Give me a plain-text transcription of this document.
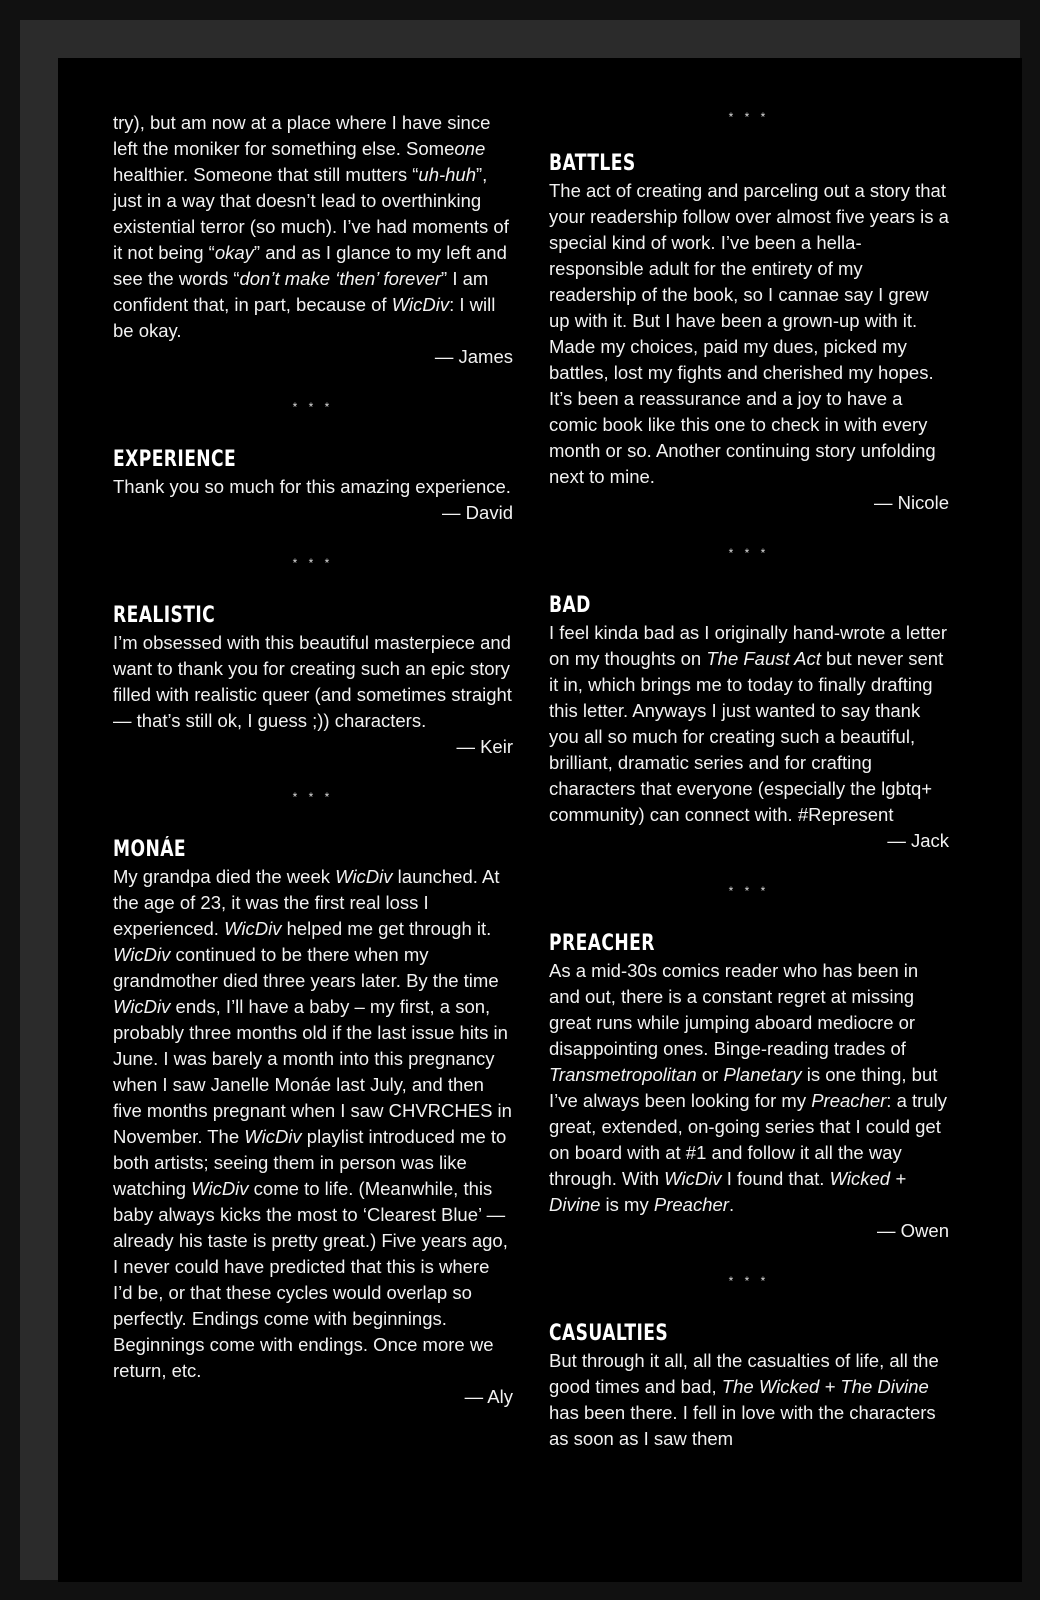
try), but am now at a place where I have since left the moniker for something else. Someone healthier. Someone that still mutters “uh-huh”, just in a way that doesn’t lead to overthinking existential terror (so much). I’ve had moments of it not being “okay” and as I glance to my left and see the words “don’t make ‘then’ forever” I am confident that, in part, because of WicDiv: I will be okay.

— James

* * *
EXPERIENCE

Thank you so much for this amazing experience.

— David

* * *
REALISTIC

I’m obsessed with this beautiful masterpiece and want to thank you for creating such an epic story filled with realistic queer (and sometimes straight — that’s still ok, I guess ;)) characters.

— Keir

* * *
MONÁE

My grandpa died the week WicDiv launched. At the age of 23, it was the first real loss I experienced. WicDiv helped me get through it. WicDiv continued to be there when my grandmother died three years later. By the time WicDiv ends, I’ll have a baby – my first, a son, probably three months old if the last issue hits in June. I was barely a month into this pregnancy when I saw Janelle Monáe last July, and then five months pregnant when I saw CHVRCHES in November. The WicDiv playlist introduced me to both artists; seeing them in person was like watching WicDiv come to life. (Meanwhile, this baby always kicks the most to ‘Clearest Blue’ — already his taste is pretty great.) Five years ago, I never could have predicted that this is where I’d be, or that these cycles would overlap so perfectly. Endings come with beginnings. Beginnings come with endings. Once more we return, etc.

— Aly

* * *
BATTLES

The act of creating and parceling out a story that your readership follow over almost five years is a special kind of work. I’ve been a hella-responsible adult for the entirety of my readership of the book, so I cannae say I grew up with it. But I have been a grown-up with it. Made my choices, paid my dues, picked my battles, lost my fights and cherished my hopes. It’s been a reassurance and a joy to have a comic book like this one to check in with every month or so. Another continuing story unfolding next to mine.

— Nicole

* * *
BAD

I feel kinda bad as I originally hand-wrote a letter on my thoughts on The Faust Act but never sent it in, which brings me to today to finally drafting this letter. Anyways I just wanted to say thank you all so much for creating such a beautiful, brilliant, dramatic series and for crafting characters that everyone (especially the lgbtq+ community) can connect with. #Represent

— Jack

* * *
PREACHER

As a mid-30s comics reader who has been in and out, there is a constant regret at missing great runs while jumping aboard mediocre or disappointing ones. Binge-reading trades of Transmetropolitan or Planetary is one thing, but I’ve always been looking for my Preacher: a truly great, extended, on-going series that I could get on board with at #1 and follow it all the way through. With WicDiv I found that. Wicked + Divine is my Preacher.

— Owen

* * *
CASUALTIES

But through it all, all the casualties of life, all the good times and bad, The Wicked + The Divine has been there. I fell in love with the characters as soon as I saw them
